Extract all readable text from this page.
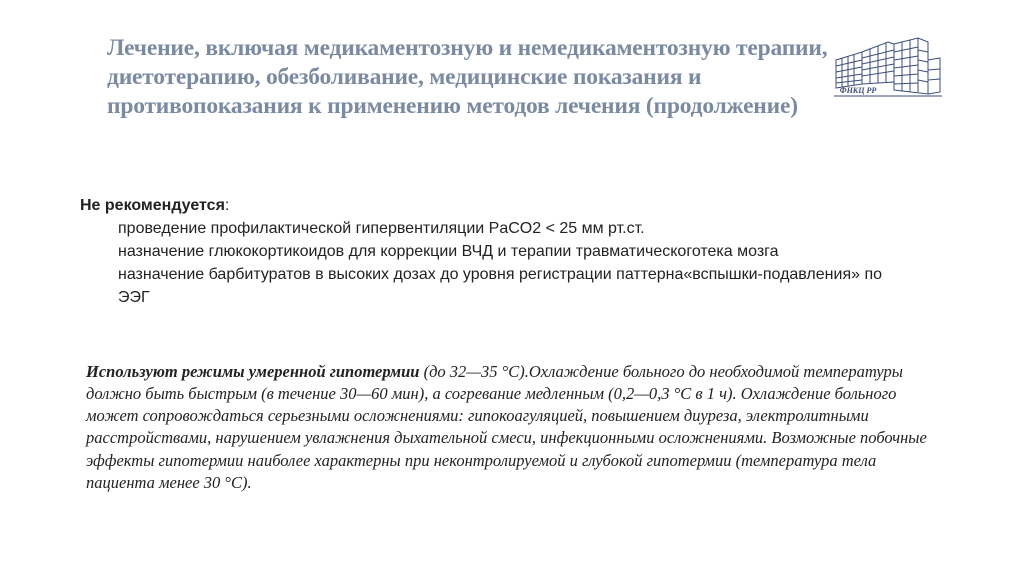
Лечение, включая медикаментозную и немедикаментозную терапии, диетотерапию, обезболивание, медицинские показания и противопоказания к применению методов лечения (продолжение)
ФНКЦ РР
Не рекомендуется:
проведение профилактической гипервентиляции PaCO2 < 25 мм рт.ст.
назначение глюкокортикоидов для коррекции ВЧД и терапии травматическоготека мозга
назначение барбитуратов в высоких дозах до уровня регистрации паттерна«вспышки-подавления» по ЭЭГ

Используют режимы умеренной гипотермии (до 32—35 °С).Охлаждение больного до необходимой температуры должно быть быстрым (в течение 30—60 мин), а согревание медленным (0,2—0,3 °С в 1 ч). Охлаждение больного может сопровождаться серьезными осложнениями: гипокоагуляцией, повышением диуреза, электролитными расстройствами, нарушением увлажнения дыхательной смеси, инфекционными осложнениями. Возможные побочные эффекты гипотермии наиболее характерны при неконтролируемой и глубокой гипотермии (температура тела пациента менее 30 °С).
